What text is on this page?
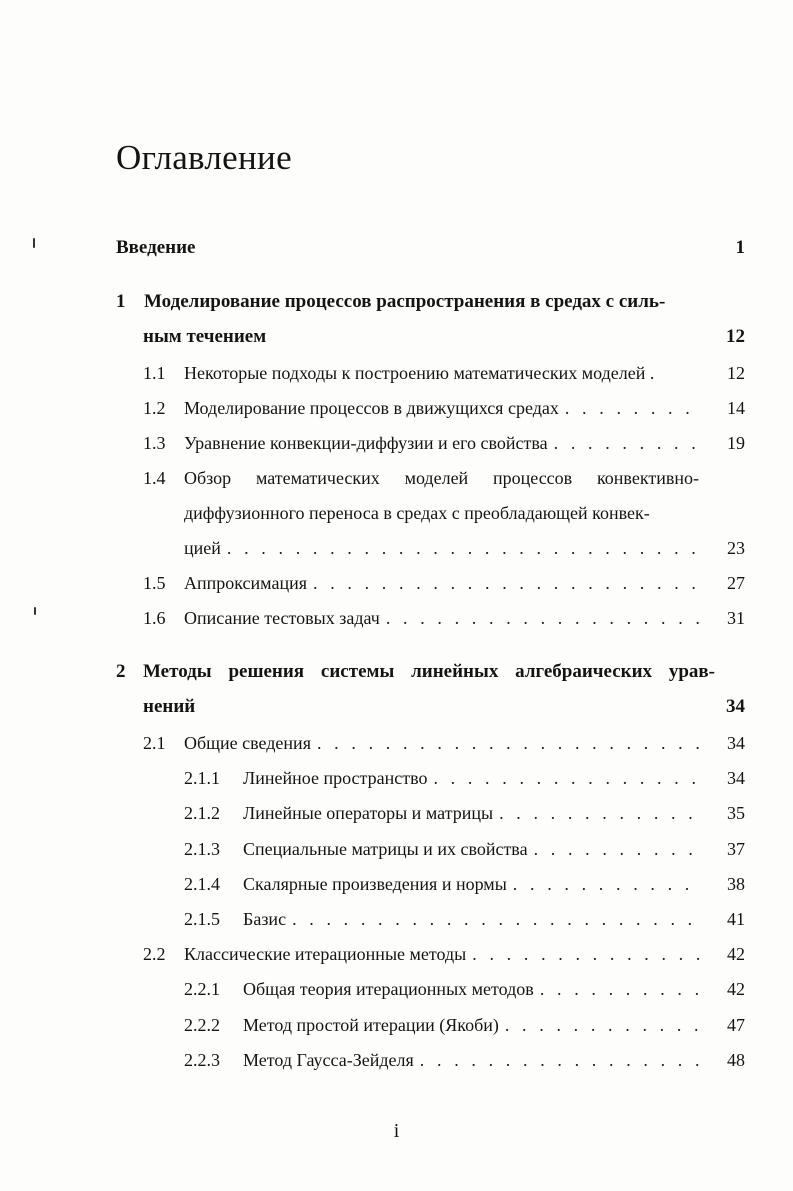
Оглавление
Введение	1
1 Моделирование процессов распространения в средах с силь-
ным течением	12
1.1	Некоторые подходы к построению математических моделей .	12
1.2	Моделирование процессов в движущихся средах . . .	14
1.3	Уравнение конвекции-диффузии и его свойства . . .	19
1.4	Обзор математических моделей процессов конвективно-
диффузионного переноса в средах с преобладающей конвек-
цией . . .	23
1.5	Аппроксимация . . .	27
1.6	Описание тестовых задач . . .	31
2 Методы решения системы линейных алгебраических урав-
нений	34
2.1	Общие сведения . . .	34
2.1.1	Линейное пространство . . .	34
2.1.2	Линейные операторы и матрицы . . .	35
2.1.3	Специальные матрицы и их свойства . . .	37
2.1.4	Скалярные произведения и нормы . . .	38
2.1.5	Базис . . .	41
2.2	Классические итерационные методы . . .	42
2.2.1	Общая теория итерационных методов . . .	42
2.2.2	Метод простой итерации (Якоби) . . .	47
2.2.3	Метод Гаусса-Зейделя . . .	48
i
